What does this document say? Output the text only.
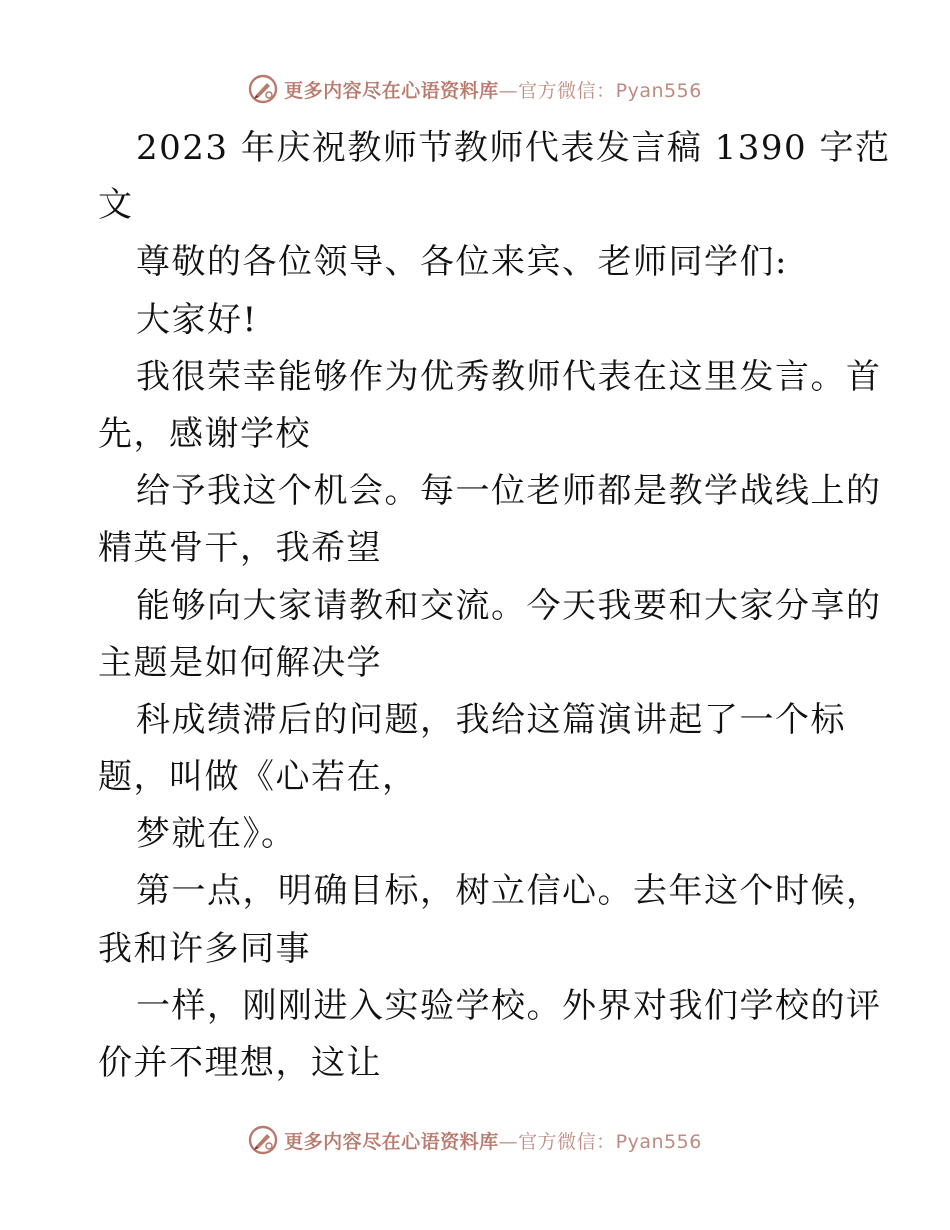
更多内容尽在心语资料库—官方微信：Pyan556
2023 年庆祝教师节教师代表发言稿 1390 字范
文
尊敬的各位领导、各位来宾、老师同学们:
大家好!
我很荣幸能够作为优秀教师代表在这里发言。首
先，感谢学校
给予我这个机会。每一位老师都是教学战线上的
精英骨干，我希望
能够向大家请教和交流。今天我要和大家分享的
主题是如何解决学
科成绩滞后的问题，我给这篇演讲起了一个标
题，叫做《心若在，
梦就在》。
第一点，明确目标，树立信心。去年这个时候，
我和许多同事
一样，刚刚进入实验学校。外界对我们学校的评
价并不理想，这让
更多内容尽在心语资料库—官方微信：Pyan556
